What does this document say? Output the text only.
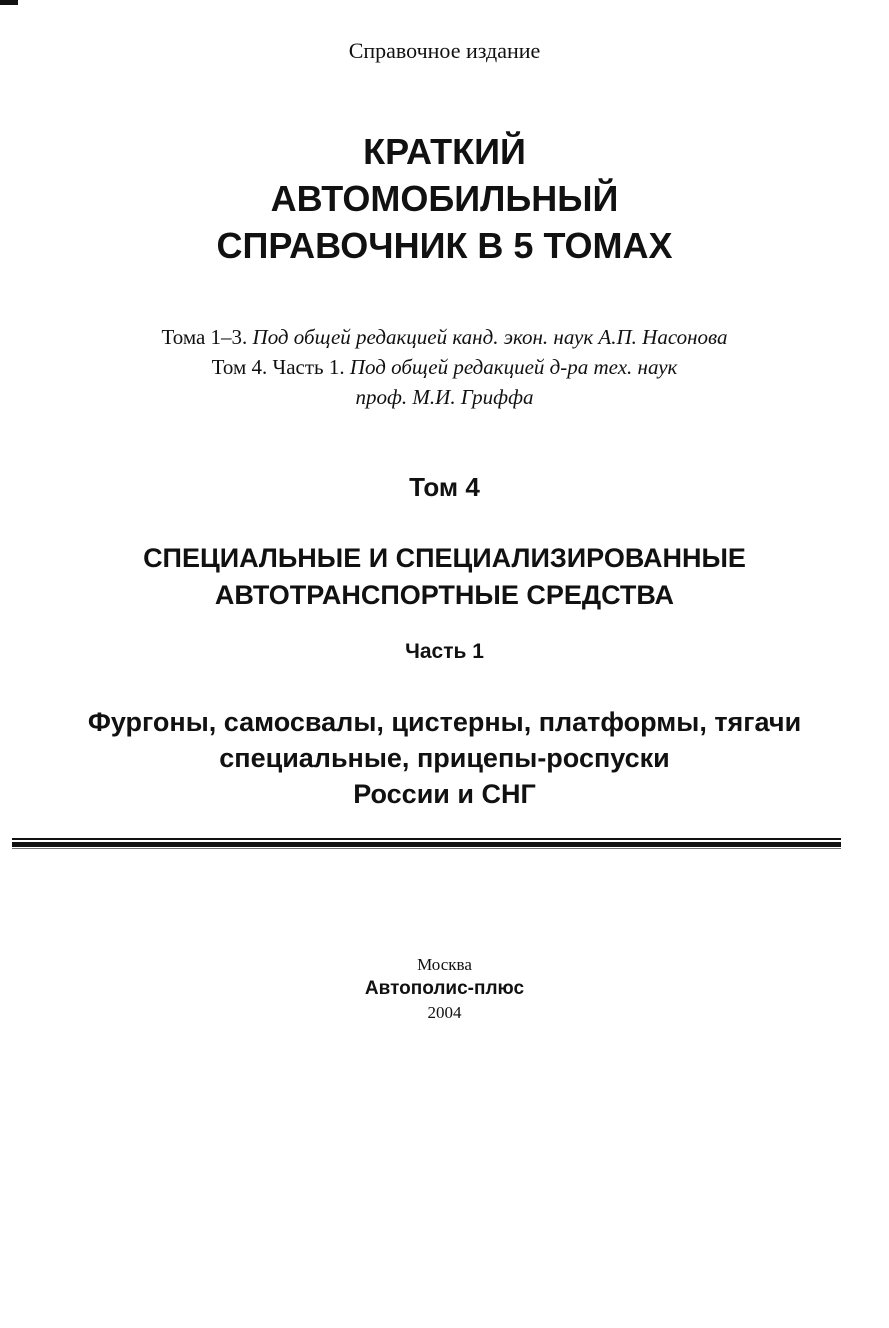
Справочное издание
КРАТКИЙ
АВТОМОБИЛЬНЫЙ
СПРАВОЧНИК В 5 ТОМАХ
Тома 1–3. Под общей редакцией канд. экон. наук А.П. Насонова
Том 4. Часть 1. Под общей редакцией д-ра тех. наук
проф. М.И. Гриффа
Том 4
СПЕЦИАЛЬНЫЕ И СПЕЦИАЛИЗИРОВАННЫЕ
АВТОТРАНСПОРТНЫЕ СРЕДСТВА
Часть 1
Фургоны, самосвалы, цистерны, платформы, тягачи
специальные, прицепы-роспуски
России и СНГ
Москва
Автополис-плюс
2004
